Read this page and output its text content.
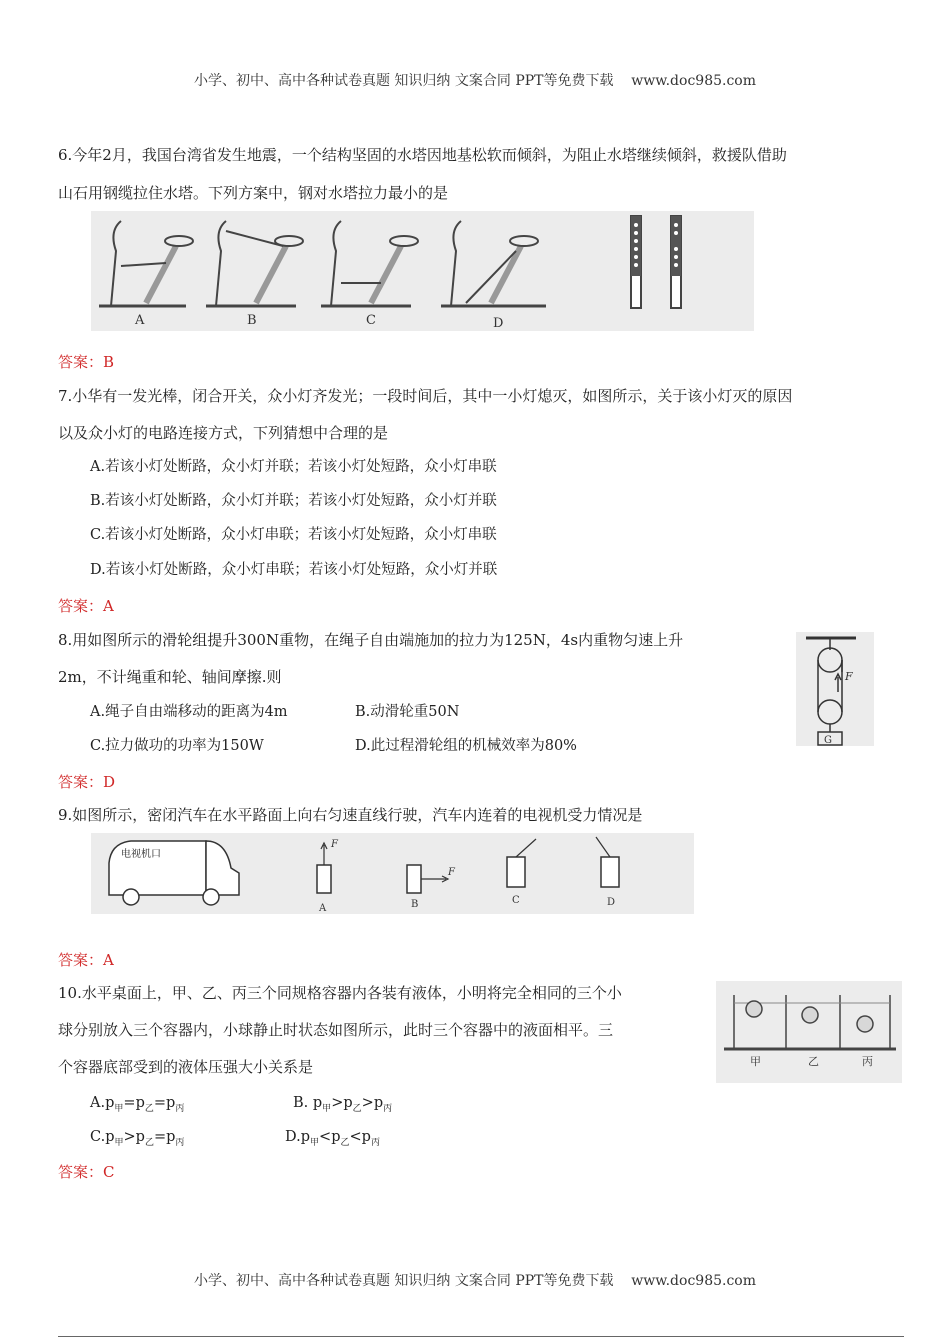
小学、初中、高中各种试卷真题 知识归纳 文案合同 PPT等免费下载    www.doc985.com
6.今年2月，我国台湾省发生地震，一个结构坚固的水塔因地基松软而倾斜，为阻止水塔继续倾斜，救援队借助
山石用钢缆拉住水塔。下列方案中，钢对水塔拉力最小的是
A	B	C	D
答案：B
7.小华有一发光棒，闭合开关，众小灯齐发光；一段时间后，其中一小灯熄灭，如图所示，关于该小灯灭的原因
以及众小灯的电路连接方式，下列猜想中合理的是
A.若该小灯处断路，众小灯并联；若该小灯处短路，众小灯串联
B.若该小灯处断路，众小灯并联；若该小灯处短路，众小灯并联
C.若该小灯处断路，众小灯串联；若该小灯处短路，众小灯串联
D.若该小灯处断路，众小灯串联；若该小灯处短路，众小灯并联
答案：A
8.用如图所示的滑轮组提升300N重物，在绳子自由端施加的拉力为125N，4s内重物匀速上升
2m，不计绳重和轮、轴间摩擦.则
A.绳子自由端移动的距离为4m	B.动滑轮重50N
C.拉力做功的功率为150W	D.此过程滑轮组的机械效率为80%
F
G
答案：D
9.如图所示，密闭汽车在水平路面上向右匀速直线行驶，汽车内连着的电视机受力情况是
电视机口
F
F
A	B	C	D
答案：A
10.水平桌面上，甲、乙、丙三个同规格容器内各装有液体，小明将完全相同的三个小
球分别放入三个容器内，小球静止时状态如图所示，此时三个容器中的液面相平。三
个容器底部受到的液体压强大小关系是	甲	乙	丙
$A.p_甲=p_乙=p_丙$	B. $p_甲>p_乙>p_丙$
$C.p_甲>p_乙=p_丙$	$D.p_甲<p_乙<p_丙$
答案：C
小学、初中、高中各种试卷真题 知识归纳 文案合同 PPT等免费下载    www.doc985.com
